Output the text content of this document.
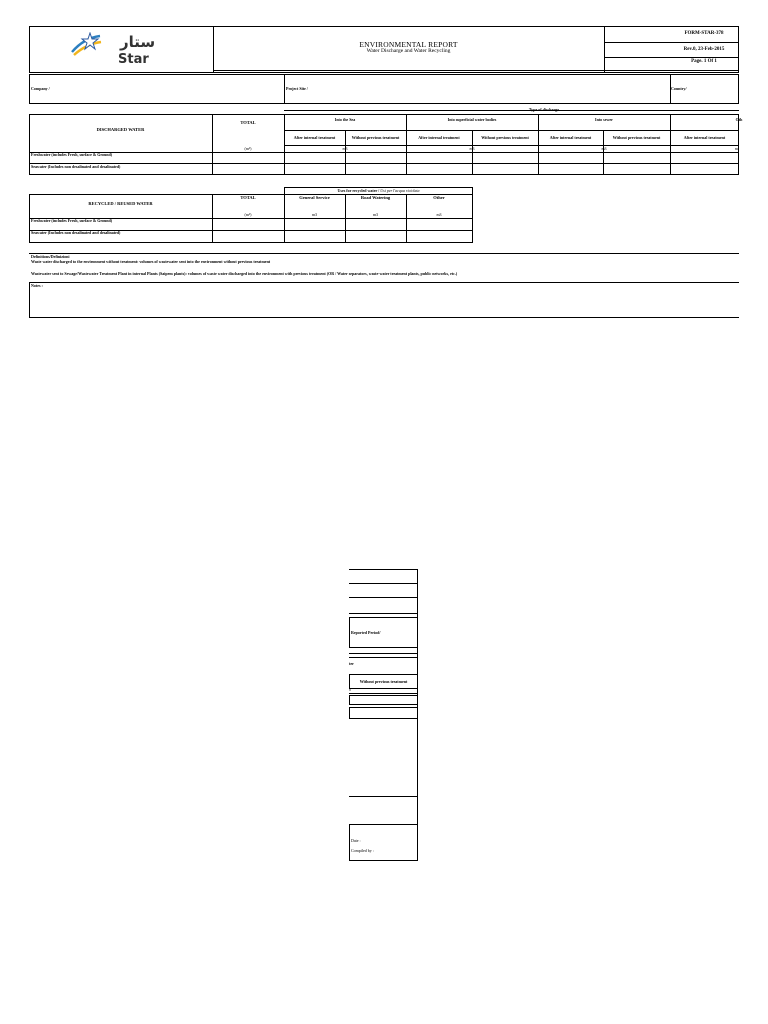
ستار
Star
ENVIRONMENTAL REPORT
Water Discharge and Water Recycling
FORM-STAR-378
Rev.0, 23-Feb-2015
Page. 1 Of 1
Company /	Project Site /	Country/
Type of discharge
DISCHARGED WATER
TOTAL
Into the Sea	Into superficial water bodies	Into sewer	Oth
After internal treatment	Without previous treatment	After internal treatment	Without previous treatment	After internal treatment	Without previous treatment	After internal treatment
(m³)	m3	m3	m3	m
Freshwater (includes Fresh, surface & Ground)
Seawater (Includes non desalinated and desalinated)
Uses for recycled water / Usi per l'acqua riciclata
RECYCLED / REUSED WATER
TOTAL	General Service	Road Watering	Other
(m³)	m3	m3	m3
Freshwater (includes Fresh, surface & Ground)
Seawater (Includes non desalinated and desalinated)
Definitions/Definizioni
Waste water discharged to the environment without treatment: volumes of wastewater sent into the environment without previous treatment
Wastewater sent to Sewage/Wastewater Treatment Plant in internal Plants (Saipem plants): volumes of waste water discharged into the environment with previous treatment (OR / Water separators, waste-water treatment plants, public networks, etc.)
Notes :
Reported Period/
ter
Without previous treatment
0
Date :
Compiled by :
